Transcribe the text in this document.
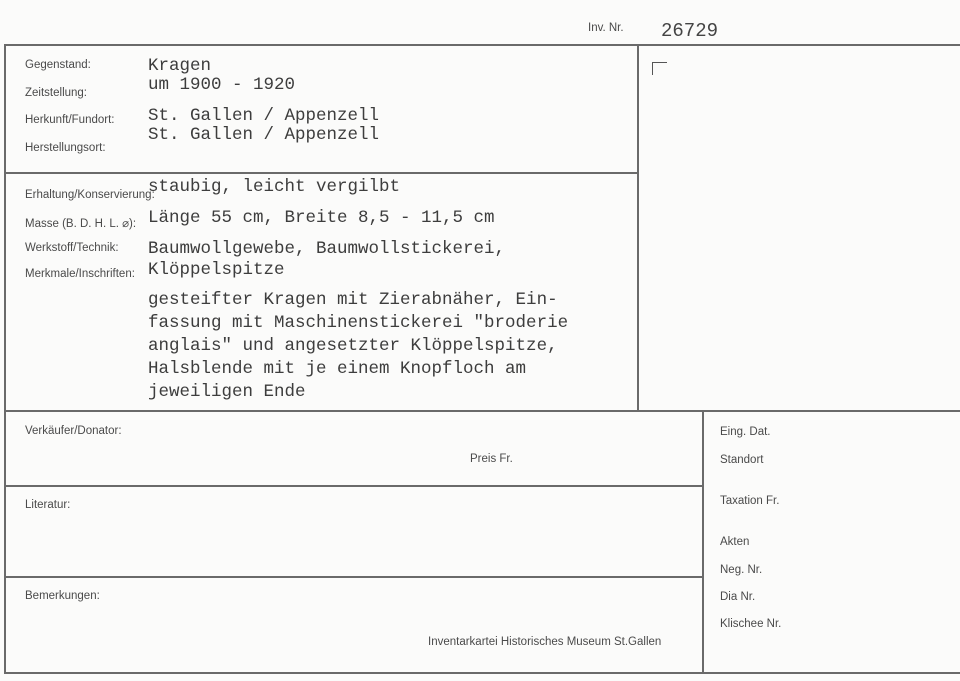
Inv. Nr. 26729
Gegenstand:
Zeitstellung:
Herkunft/Fundort:
Herstellungsort:
Kragen
um 1900 - 1920
St. Gallen / Appenzell
St. Gallen / Appenzell
Erhaltung/Konservierung:
Masse (B. D. H. L. ⌀):
Werkstoff/Technik:
Merkmale/Inschriften:
staubig, leicht vergilbt
Länge 55 cm, Breite 8,5 - 11,5 cm
Baumwollgewebe, Baumwollstickerei,
Klöppelspitze
gesteifter Kragen mit Zierabnäher, Ein-
fassung mit Maschinenstickerei "broderie
anglais" und angesetzter Klöppelspitze,
Halsblende mit je einem Knopfloch am
jeweiligen Ende
Verkäufer/Donator:
Preis Fr.
Literatur:
Bemerkungen:
Inventarkartei Historisches Museum St.Gallen
Eing. Dat.
Standort
Taxation Fr.
Akten
Neg. Nr.
Dia Nr.
Klischee Nr.
